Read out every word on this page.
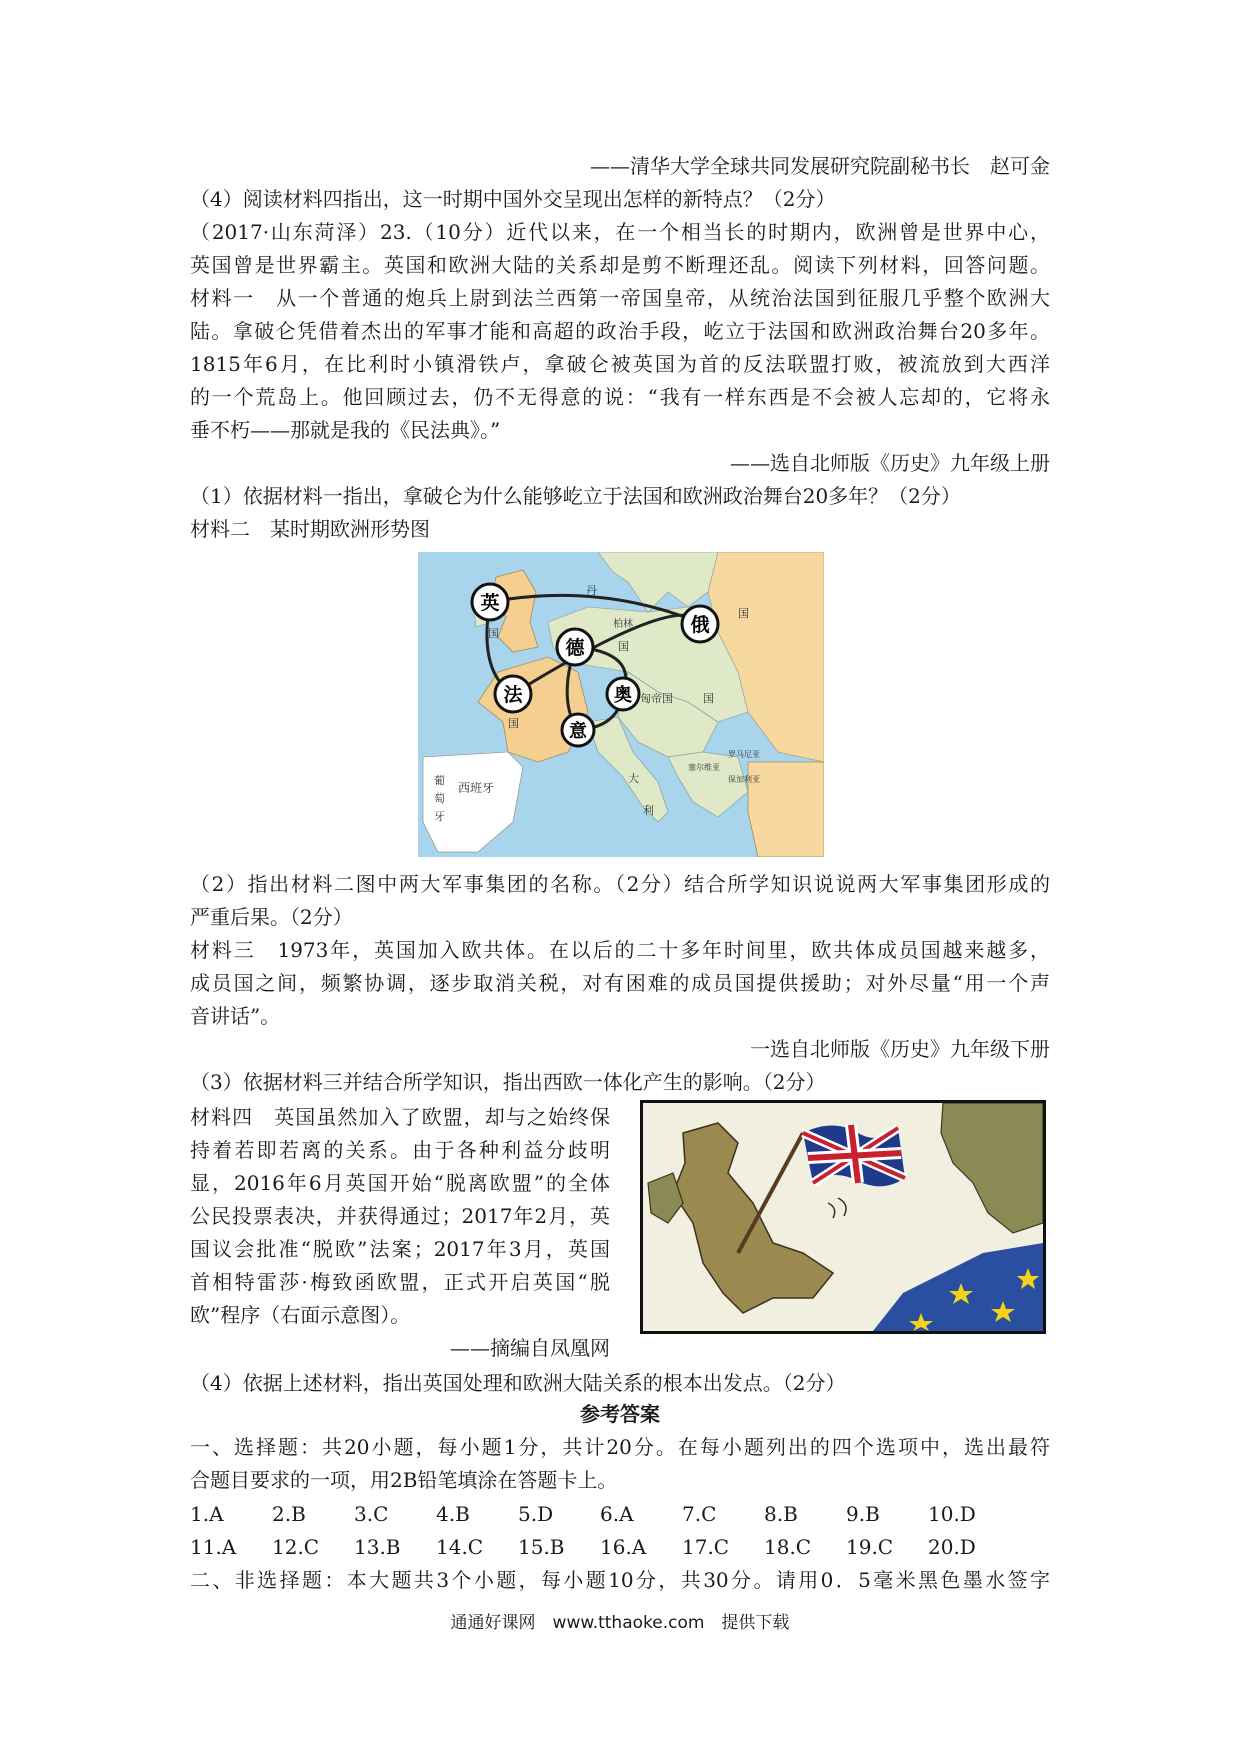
——清华大学全球共同发展研究院副秘书长　赵可金
（4）阅读材料四指出，这一时期中国外交呈现出怎样的新特点？（2分）
（2017·山东菏泽）23.（10分）近代以来，在一个相当长的时期内，欧洲曾是世界中心，
英国曾是世界霸主。英国和欧洲大陆的关系却是剪不断理还乱。阅读下列材料，回答问题。
材料一　从一个普通的炮兵上尉到法兰西第一帝国皇帝，从统治法国到征服几乎整个欧洲大
陆。拿破仑凭借着杰出的军事才能和高超的政治手段，屹立于法国和欧洲政治舞台20多年。
1815年6月，在比利时小镇滑铁卢，拿破仑被英国为首的反法联盟打败，被流放到大西洋
的一个荒岛上。他回顾过去，仍不无得意的说：“我有一样东西是不会被人忘却的，它将永
垂不朽——那就是我的《民法典》。”
——选自北师版《历史》九年级上册
（1）依据材料一指出，拿破仑为什么能够屹立于法国和欧洲政治舞台20多年？（2分）
材料二　某时期欧洲形势图
英
俄
德
法	奥
意
国
丹
柏林
国
国
国
匈帝国	国
葡
萄
牙
西班牙
大
利
罗马尼亚
保加利亚
塞尔维亚
（2）指出材料二图中两大军事集团的名称。（2分）结合所学知识说说两大军事集团形成的
严重后果。（2分）
材料三　1973年，英国加入欧共体。在以后的二十多年时间里，欧共体成员国越来越多，
成员国之间，频繁协调，逐步取消关税，对有困难的成员国提供援助；对外尽量“用一个声
音讲话”。
一选自北师版《历史》九年级下册
（3）依据材料三并结合所学知识，指出西欧一体化产生的影响。（2分）
材料四　英国虽然加入了欧盟，却与之始终保
持着若即若离的关系。由于各种利益分歧明
显，2016年6月英国开始“脱离欧盟”的全体
公民投票表决，并获得通过；2017年2月，英
国议会批准“脱欧”法案；2017年3月，英国
首相特雷莎·梅致函欧盟，正式开启英国“脱
欧”程序（右面示意图）。
——摘编自凤凰网
（4）依据上述材料，指出英国处理和欧洲大陆关系的根本出发点。（2分）
参考答案
一、选择题：共20小题，每小题1分，共计20分。在每小题列出的四个选项中，选出最符
合题目要求的一项，用2B铅笔填涂在答题卡上。
1.A 2.B 3.C 4.B 5.D 6.A 7.C 8.B 9.B 10.D
11.A 12.C 13.B 14.C 15.B 16.A 17.C 18.C 19.C 20.D
二、非选择题：本大题共3个小题，每小题10分，共30分。请用0．5毫米黑色墨水签字
通通好课网　www.tthaoke.com　提供下载
